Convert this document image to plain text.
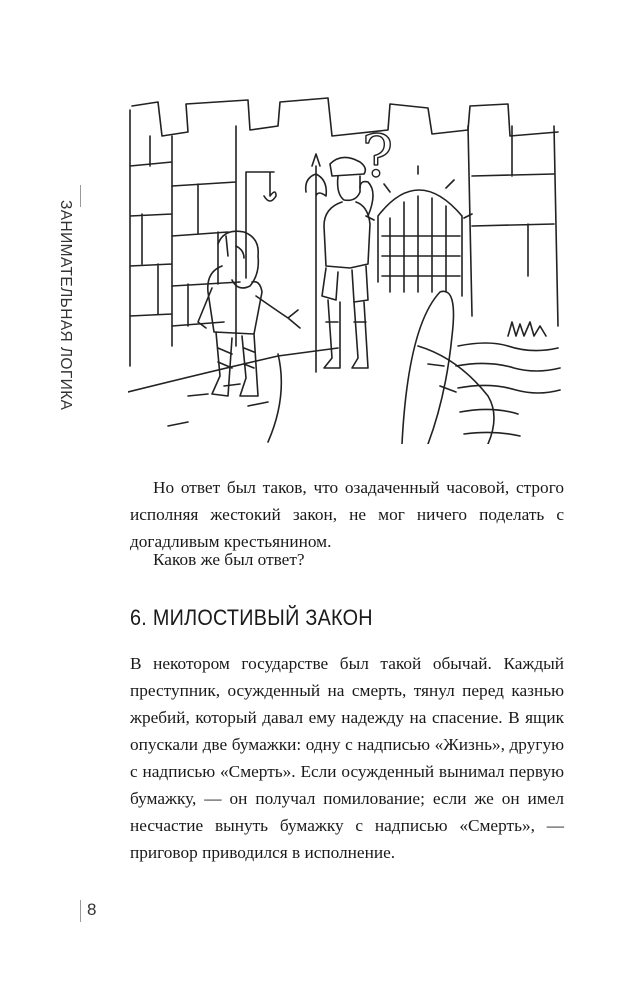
ЗАНИМАТЕЛЬНАЯ ЛОГИКА
?

Но ответ был таков, что озадаченный часовой, строго исполняя жестокий закон, не мог ничего поделать с догадливым крестьянином.

Каков же был ответ?

6. МИЛОСТИВЫЙ ЗАКОН

В некотором государстве был такой обычай. Каждый преступник, осужденный на смерть, тянул перед казнью жребий, который давал ему надежду на спасение. В ящик опускали две бумажки: одну с надписью «Жизнь», другую с надписью «Смерть». Если осужденный вынимал первую бумажку, — он получал помилование; если же он имел несчастие вынуть бумажку с надписью «Смерть», — приговор приводился в исполнение.

8
